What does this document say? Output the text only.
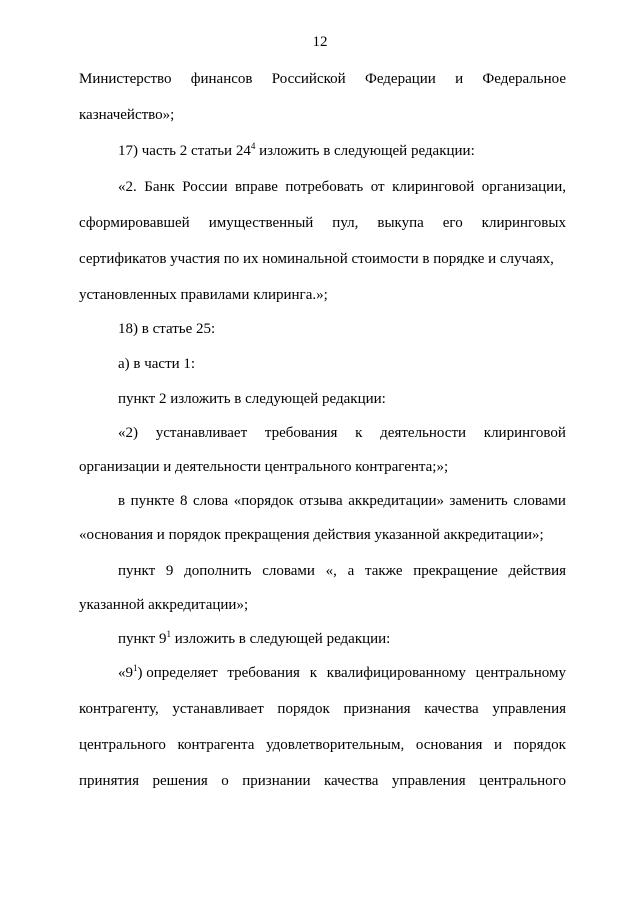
12
Министерство финансов Российской Федерации и Федеральное
казначейство»;
17) часть 2 статьи $24^4$ изложить в следующей редакции:
«2. Банк России вправе потребовать от клиринговой организации,
сформировавшей имущественный пул, выкупа его клиринговых
сертификатов участия по их номинальной стоимости в порядке и случаях,
установленных правилами клиринга.»;
18) в статье 25:
а) в части 1:
пункт 2 изложить в следующей редакции:
«2) устанавливает требования к деятельности клиринговой
организации и деятельности центрального контрагента;»;
в пункте 8 слова «порядок отзыва аккредитации» заменить словами
«основания и порядок прекращения действия указанной аккредитации»;
пункт 9 дополнить словами «, а также прекращение действия
указанной аккредитации»;
пункт $9^1$ изложить в следующей редакции:
«$9^1$) определяет требования к квалифицированному центральному
контрагенту, устанавливает порядок признания качества управления
центрального контрагента удовлетворительным, основания и порядок
принятия решения о признании качества управления центрального
